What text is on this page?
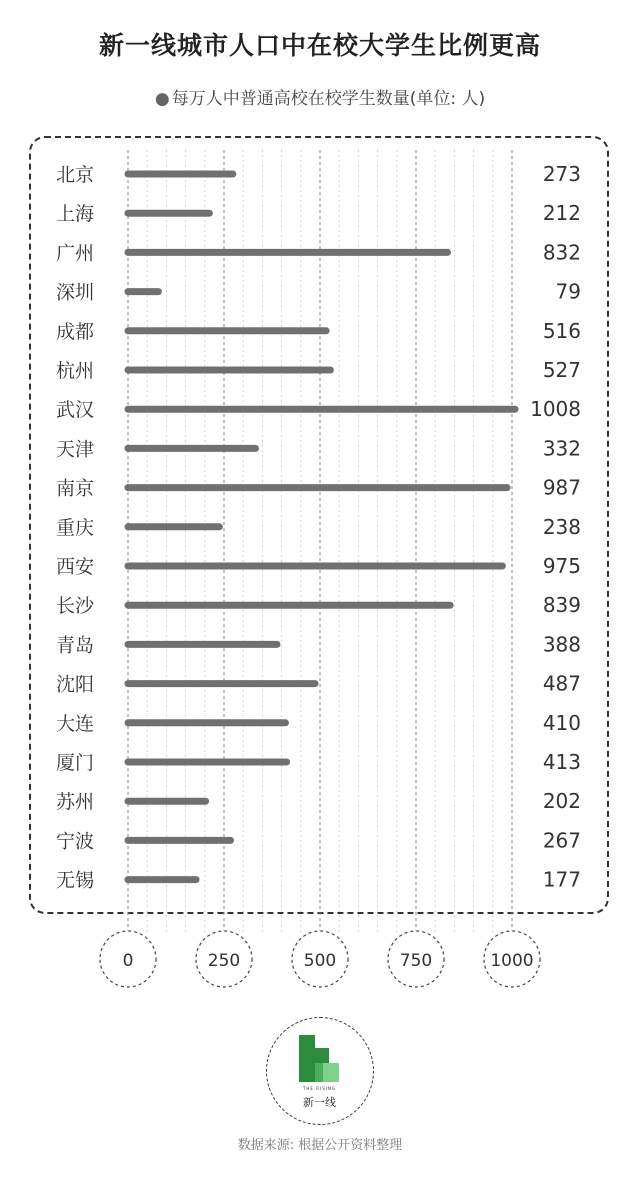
新一线城市人口中在校大学生比例更高
● 每万人中普通高校在校学生数量(单位: 人)
北京	273
上海	212
广州	832
深圳	79
成都	516
杭州	527
武汉	1008
天津	332
南京	987
重庆	238
西安	975
长沙	839
青岛	388
沈阳	487
大连	410
厦门	413
苏州	202
宁波	267
无锡	177
0	250	500	750	1000
THE RISING
新一线
数据来源: 根据公开资料整理
